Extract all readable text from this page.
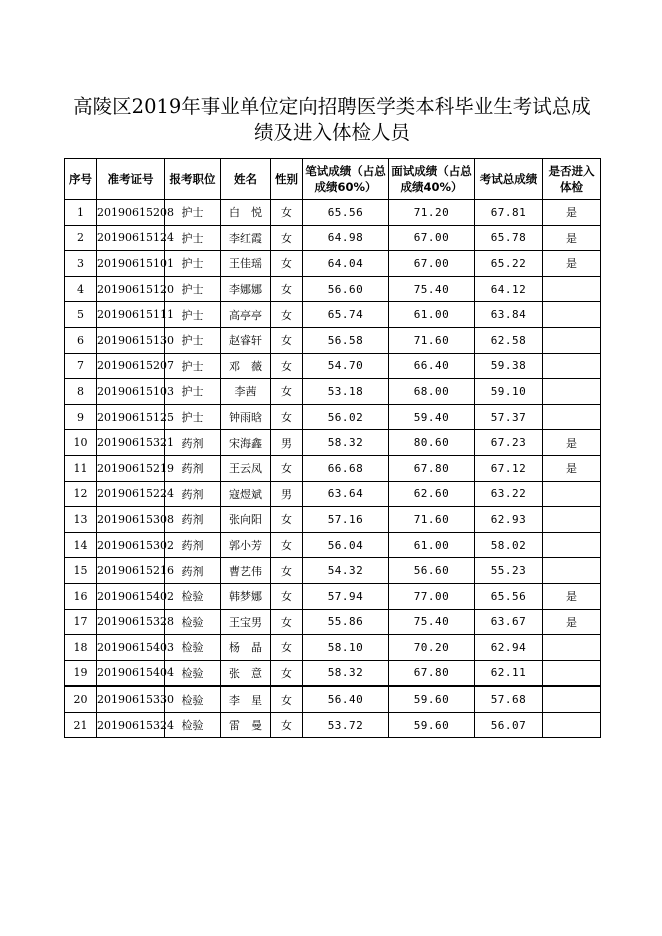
高陵区2019年事业单位定向招聘医学类本科毕业生考试总成
绩及进入体检人员
序号	准考证号	报考职位	姓名	性别	笔试成绩（占总成绩60%）	面试成绩（占总成绩40%）	考试总成绩	是否进入体检
1	20190615208	护士	白　悦	女	65.56	71.20	67.81	是
2	20190615124	护士	李红霞	女	64.98	67.00	65.78	是
3	20190615101	护士	王佳瑶	女	64.04	67.00	65.22	是
4	20190615120	护士	李娜娜	女	56.60	75.40	64.12	
5	20190615111	护士	高亭亭	女	65.74	61.00	63.84	
6	20190615130	护士	赵睿轩	女	56.58	71.60	62.58	
7	20190615207	护士	邓　薇	女	54.70	66.40	59.38	
8	20190615103	护士	李茜	女	53.18	68.00	59.10	
9	20190615125	护士	钟雨晗	女	56.02	59.40	57.37	
10	20190615321	药剂	宋海鑫	男	58.32	80.60	67.23	是
11	20190615219	药剂	王云凤	女	66.68	67.80	67.12	是
12	20190615224	药剂	寇煜斌	男	63.64	62.60	63.22	
13	20190615308	药剂	张向阳	女	57.16	71.60	62.93	
14	20190615302	药剂	郭小芳	女	56.04	61.00	58.02	
15	20190615216	药剂	曹艺伟	女	54.32	56.60	55.23	
16	20190615402	检验	韩梦娜	女	57.94	77.00	65.56	是
17	20190615328	检验	王宝男	女	55.86	75.40	63.67	是
18	20190615403	检验	杨　晶	女	58.10	70.20	62.94	
19	20190615404	检验	张　意	女	58.32	67.80	62.11	
20	20190615330	检验	李　星	女	56.40	59.60	57.68	
21	20190615324	检验	雷　曼	女	53.72	59.60	56.07	
